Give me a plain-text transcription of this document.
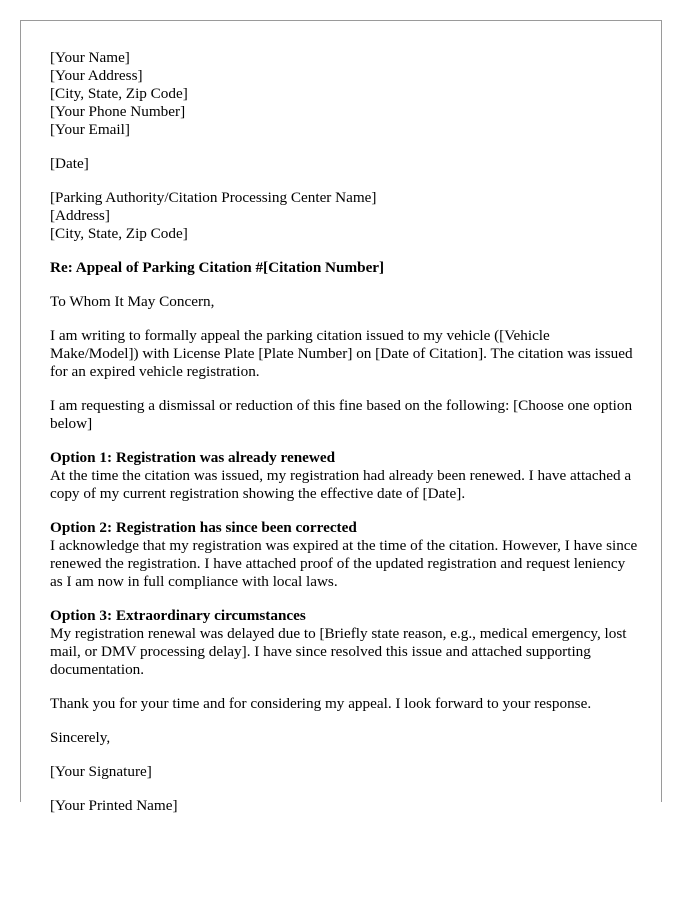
[Your Name]
[Your Address]
[City, State, Zip Code]
[Your Phone Number]
[Your Email]
[Date]
[Parking Authority/Citation Processing Center Name]
[Address]
[City, State, Zip Code]
Re: Appeal of Parking Citation #[Citation Number]

To Whom It May Concern,

I am writing to formally appeal the parking citation issued to my vehicle ([Vehicle Make/Model]) with License Plate [Plate Number] on [Date of Citation]. The citation was issued for an expired vehicle registration.

I am requesting a dismissal or reduction of this fine based on the following: [Choose one option below]

Option 1: Registration was already renewed
At the time the citation was issued, my registration had already been renewed. I have attached a copy of my current registration showing the effective date of [Date].
Option 2: Registration has since been corrected
I acknowledge that my registration was expired at the time of the citation. However, I have since renewed the registration. I have attached proof of the updated registration and request leniency as I am now in full compliance with local laws.
Option 3: Extraordinary circumstances
My registration renewal was delayed due to [Briefly state reason, e.g., medical emergency, lost mail, or DMV processing delay]. I have since resolved this issue and attached supporting documentation.

Thank you for your time and for considering my appeal. I look forward to your response.

Sincerely,

[Your Signature]

[Your Printed Name]
